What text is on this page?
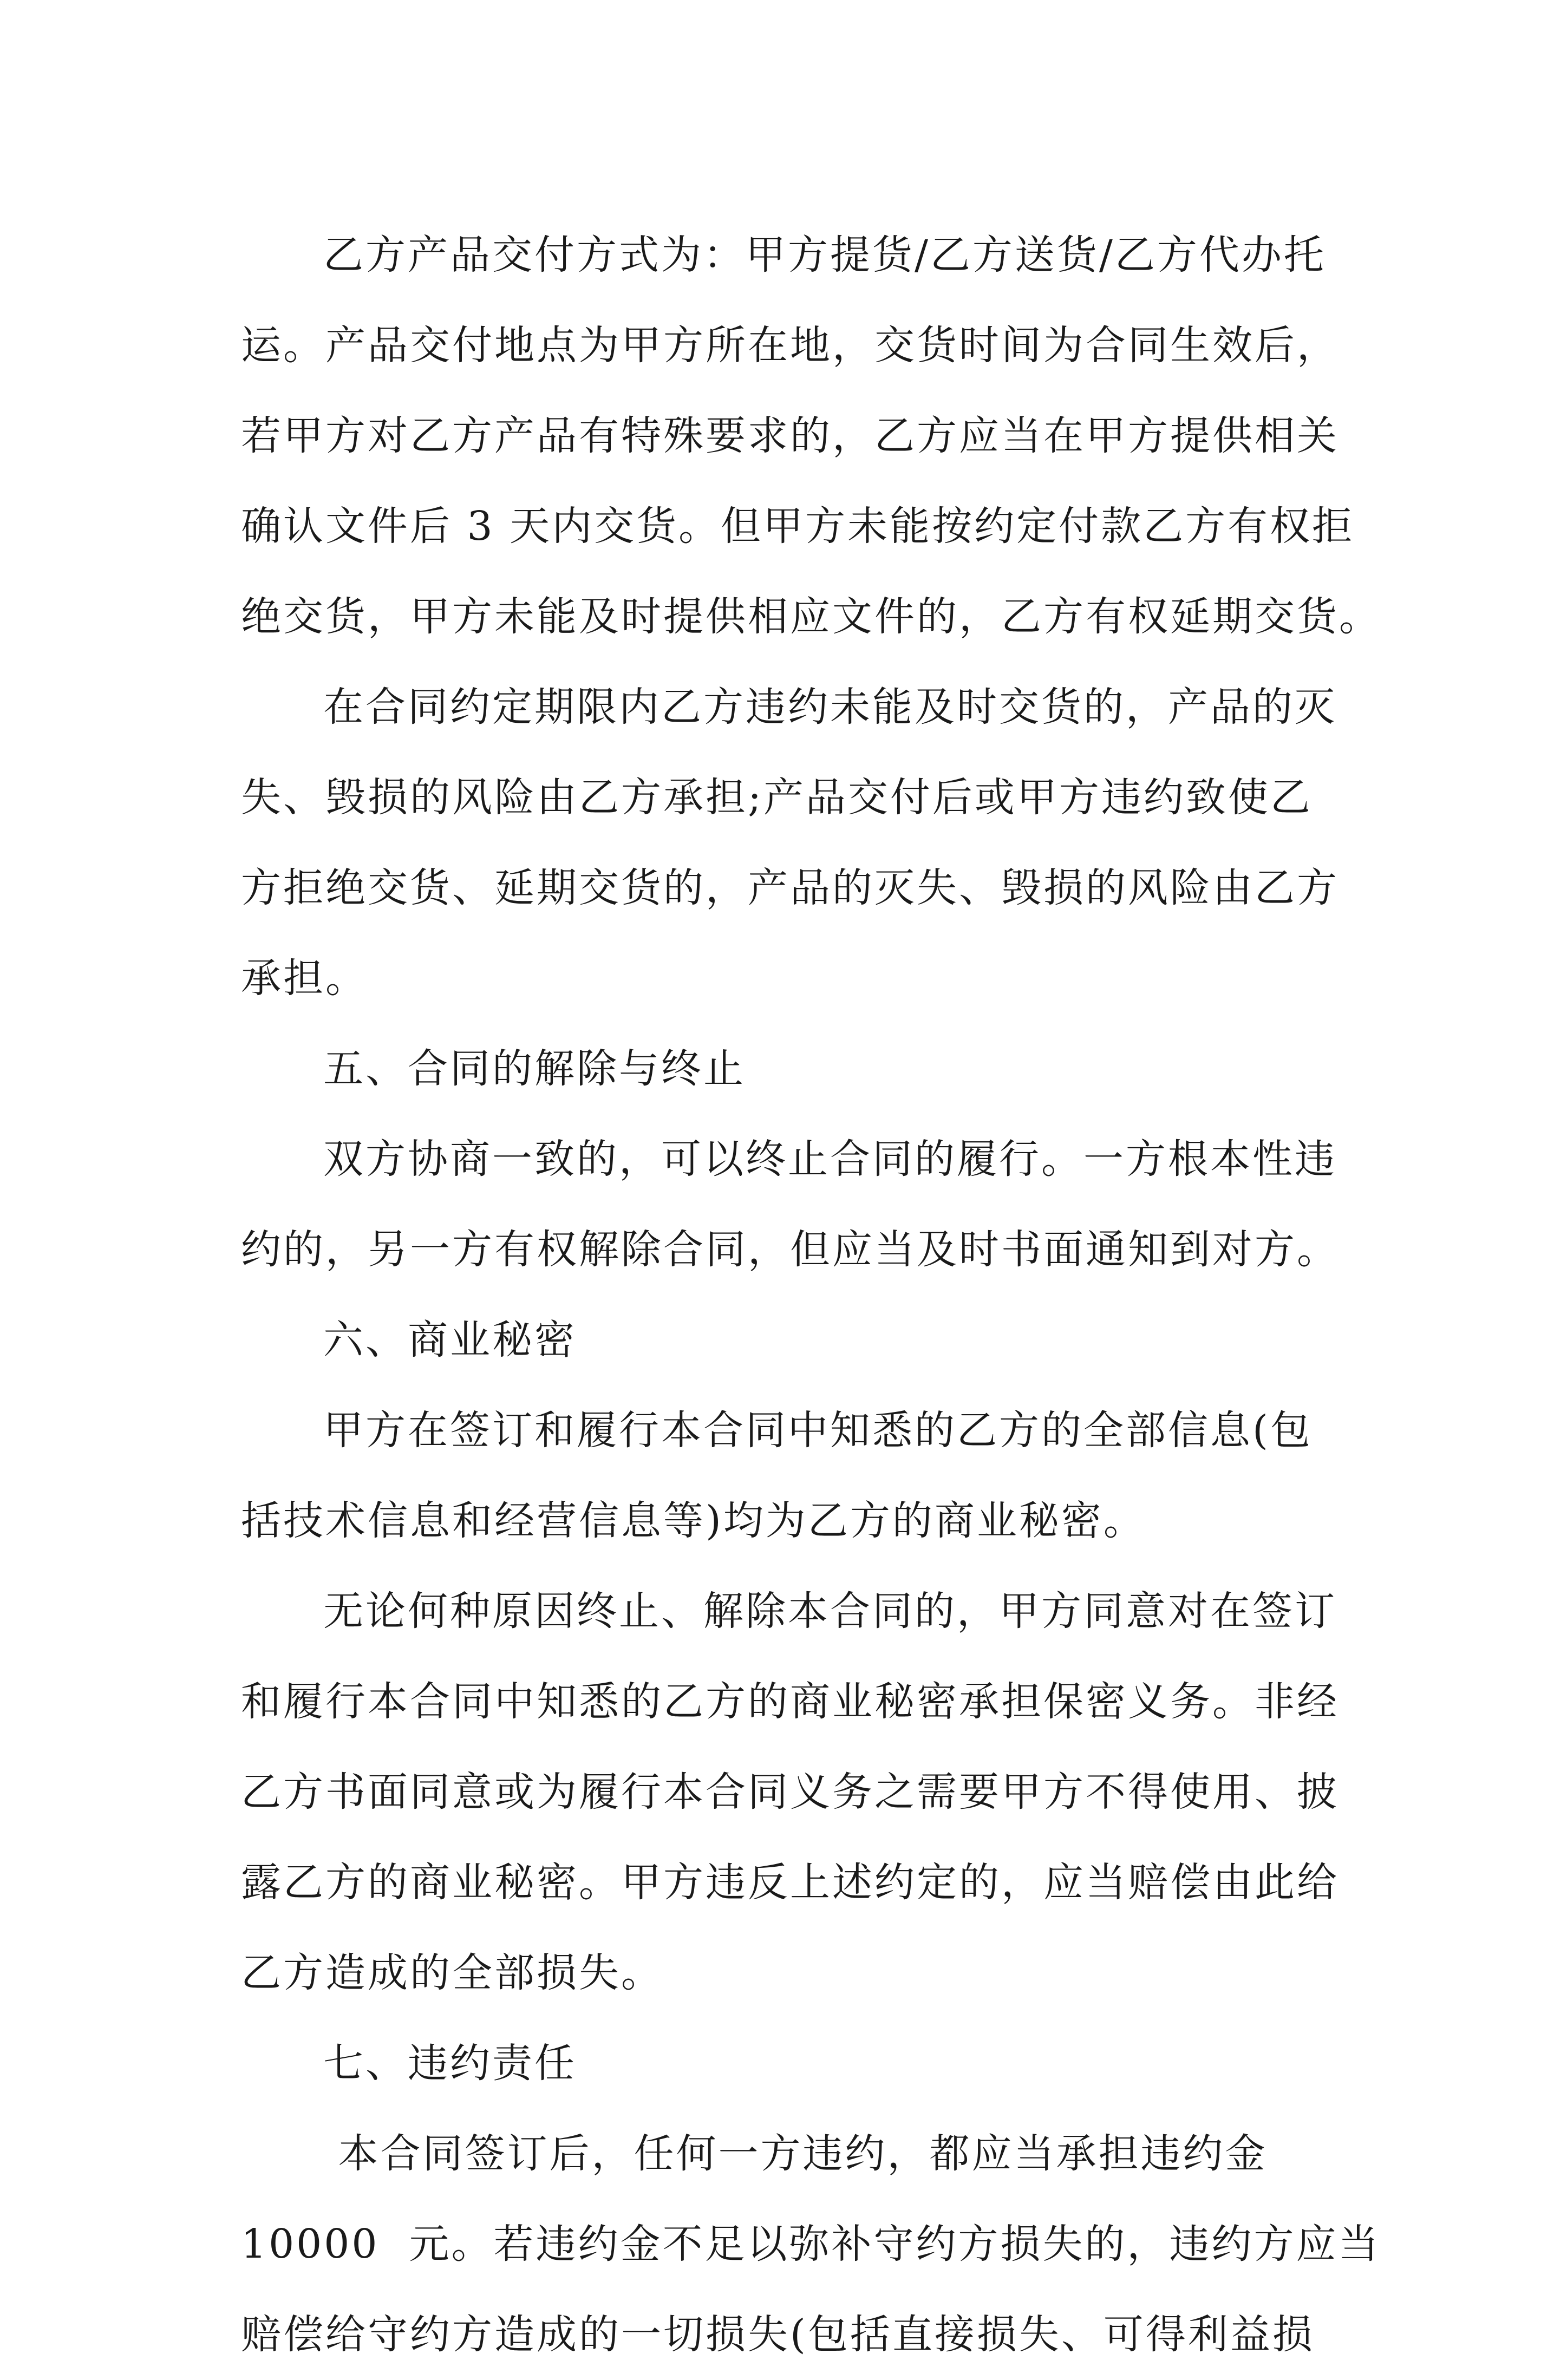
乙方产品交付方式为：甲方提货/乙方送货/乙方代办托
运。产品交付地点为甲方所在地，交货时间为合同生效后，
若甲方对乙方产品有特殊要求的，乙方应当在甲方提供相关
确认文件后 3 天内交货。但甲方未能按约定付款乙方有权拒
绝交货，甲方未能及时提供相应文件的，乙方有权延期交货。
在合同约定期限内乙方违约未能及时交货的，产品的灭
失、毁损的风险由乙方承担;产品交付后或甲方违约致使乙
方拒绝交货、延期交货的，产品的灭失、毁损的风险由乙方
承担。
五、合同的解除与终止
双方协商一致的，可以终止合同的履行。一方根本性违
约的，另一方有权解除合同，但应当及时书面通知到对方。
六、商业秘密
甲方在签订和履行本合同中知悉的乙方的全部信息(包
括技术信息和经营信息等)均为乙方的商业秘密。
无论何种原因终止、解除本合同的，甲方同意对在签订
和履行本合同中知悉的乙方的商业秘密承担保密义务。非经
乙方书面同意或为履行本合同义务之需要甲方不得使用、披
露乙方的商业秘密。甲方违反上述约定的，应当赔偿由此给
乙方造成的全部损失。
七、违约责任
本合同签订后，任何一方违约，都应当承担违约金
10000  元。若违约金不足以弥补守约方损失的，违约方应当
赔偿给守约方造成的一切损失(包括直接损失、可得利益损
